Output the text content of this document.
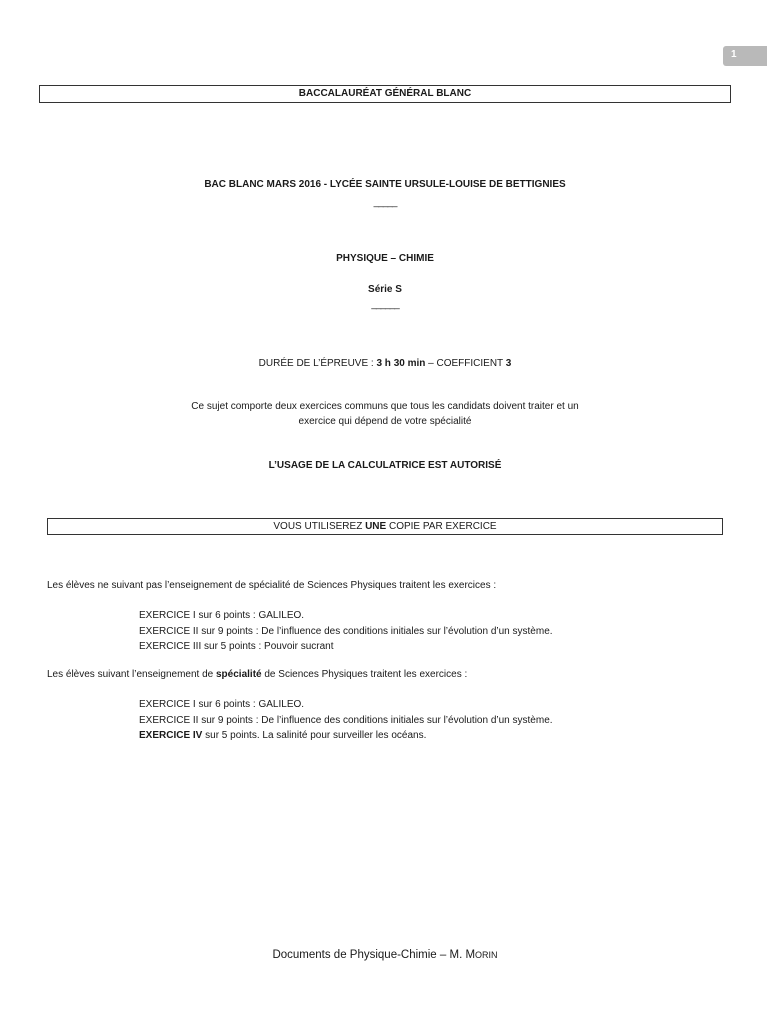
1
BACCALAURÉAT GÉNÉRAL BLANC
BAC BLANC MARS 2016 - LYCÉE SAINTE URSULE-LOUISE DE BETTIGNIES
_____
PHYSIQUE – CHIMIE
Série S
______
DURÉE DE L’ÉPREUVE : 3 h 30 min – COEFFICIENT 3
Ce sujet comporte deux exercices communs que tous les candidats doivent traiter et un
exercice qui dépend de votre spécialité
L’USAGE DE LA CALCULATRICE EST AUTORISÉ
VOUS UTILISEREZ UNE COPIE PAR EXERCICE
Les élèves ne suivant pas l’enseignement de spécialité de Sciences Physiques traitent les exercices :
EXERCICE I sur 6 points : GALILEO.
EXERCICE II sur 9 points : De l’influence des conditions initiales sur l’évolution d’un système.
EXERCICE III sur 5 points : Pouvoir sucrant
Les élèves suivant l’enseignement de spécialité de Sciences Physiques traitent les exercices :
EXERCICE I sur 6 points : GALILEO.
EXERCICE II sur 9 points : De l’influence des conditions initiales sur l’évolution d’un système.
EXERCICE IV sur 5 points. La salinité pour surveiller les océans.
Documents de Physique-Chimie – M. MORIN
